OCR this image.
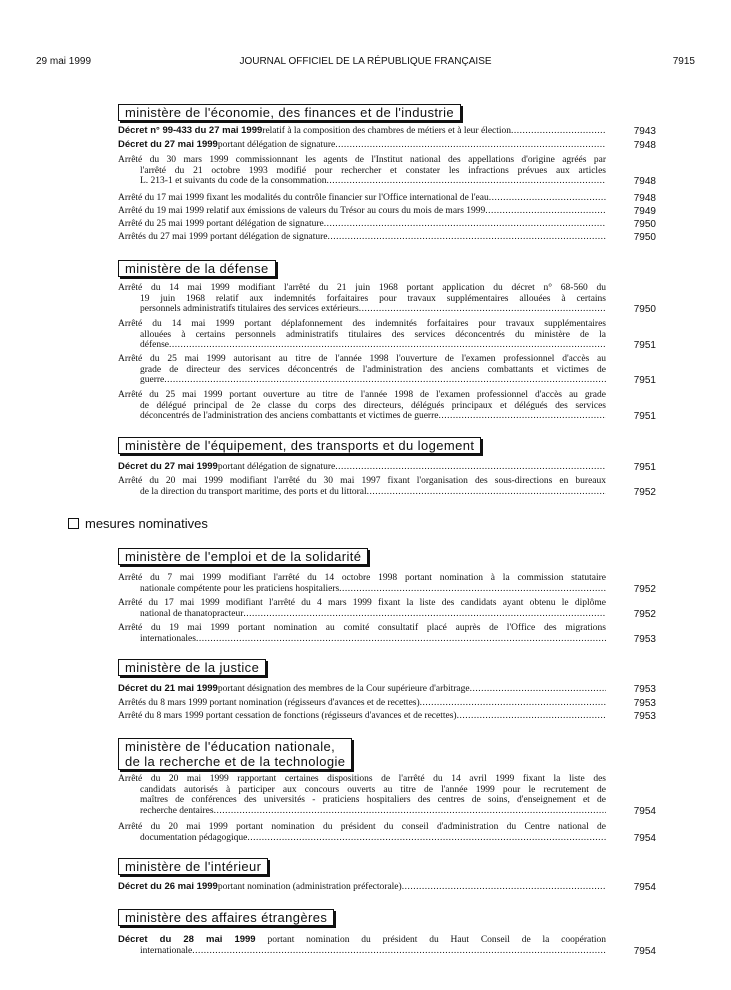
29 mai 1999	JOURNAL OFFICIEL DE LA RÉPUBLIQUE FRANÇAISE	7915
mesures nominatives
ministère de l'économie, des finances et de l'industrie
Décret n° 99-433 du 27 mai 1999 relatif à la composition des chambres de métiers et à leur élection .....	7943
Décret du 27 mai 1999 portant délégation de signature .....	7948
Arrêté du 30 mars 1999 commissionnant les agents de l'Institut national des appellations d'origine agréés par
l'arrêté du 21 octobre 1993 modifié pour rechercher et constater les infractions prévues aux articles
L. 213-1 et suivants du code de la consommation .....	7948
Arrêté du 17 mai 1999 fixant les modalités du contrôle financier sur l'Office international de l'eau .....	7948
Arrêté du 19 mai 1999 relatif aux émissions de valeurs du Trésor au cours du mois de mars 1999 .....	7949
Arrêté du 25 mai 1999 portant délégation de signature .....	7950
Arrêtés du 27 mai 1999 portant délégation de signature .....	7950
ministère de la défense
Arrêté du 14 mai 1999 modifiant l'arrêté du 21 juin 1968 portant application du décret n° 68-560 du
19 juin 1968 relatif aux indemnités forfaitaires pour travaux supplémentaires allouées à certains
personnels administratifs titulaires des services extérieurs .....	7950
Arrêté du 14 mai 1999 portant déplafonnement des indemnités forfaitaires pour travaux supplémentaires
allouées à certains personnels administratifs titulaires des services déconcentrés du ministère de la
défense .....	7951
Arrêté du 25 mai 1999 autorisant au titre de l'année 1998 l'ouverture de l'examen professionnel d'accès au
grade de directeur des services déconcentrés de l'administration des anciens combattants et victimes de
guerre .....	7951
Arrêté du 25 mai 1999 portant ouverture au titre de l'année 1998 de l'examen professionnel d'accès au grade
de délégué principal de 2e classe du corps des directeurs, délégués principaux et délégués des services
déconcentrés de l'administration des anciens combattants et victimes de guerre .....	7951
ministère de l'équipement, des transports et du logement
Décret du 27 mai 1999 portant délégation de signature .....	7951
Arrêté du 20 mai 1999 modifiant l'arrêté du 30 mai 1997 fixant l'organisation des sous-directions en bureaux
de la direction du transport maritime, des ports et du littoral .....	7952
ministère de l'emploi et de la solidarité
Arrêté du 7 mai 1999 modifiant l'arrêté du 14 octobre 1998 portant nomination à la commission statutaire
nationale compétente pour les praticiens hospitaliers .....	7952
Arrêté du 17 mai 1999 modifiant l'arrêté du 4 mars 1999 fixant la liste des candidats ayant obtenu le diplôme
national de thanatopracteur .....	7952
Arrêté du 19 mai 1999 portant nomination au comité consultatif placé auprès de l'Office des migrations
internationales .....	7953
ministère de la justice
Décret du 21 mai 1999 portant désignation des membres de la Cour supérieure d'arbitrage .....	7953
Arrêtés du 8 mars 1999 portant nomination (régisseurs d'avances et de recettes) .....	7953
Arrêté du 8 mars 1999 portant cessation de fonctions (régisseurs d'avances et de recettes) .....	7953
ministère de l'éducation nationale,
de la recherche et de la technologie
Arrêté du 20 mai 1999 rapportant certaines dispositions de l'arrêté du 14 avril 1999 fixant la liste des
candidats autorisés à participer aux concours ouverts au titre de l'année 1999 pour le recrutement de
maîtres de conférences des universités - praticiens hospitaliers des centres de soins, d'enseignement et de
recherche dentaires .....	7954
Arrêté du 20 mai 1999 portant nomination du président du conseil d'administration du Centre national de
documentation pédagogique .....	7954
ministère de l'intérieur
Décret du 26 mai 1999 portant nomination (administration préfectorale) .....	7954
ministère des affaires étrangères
Décret du 28 mai 1999 portant nomination du président du Haut Conseil de la coopération
internationale .....	7954
